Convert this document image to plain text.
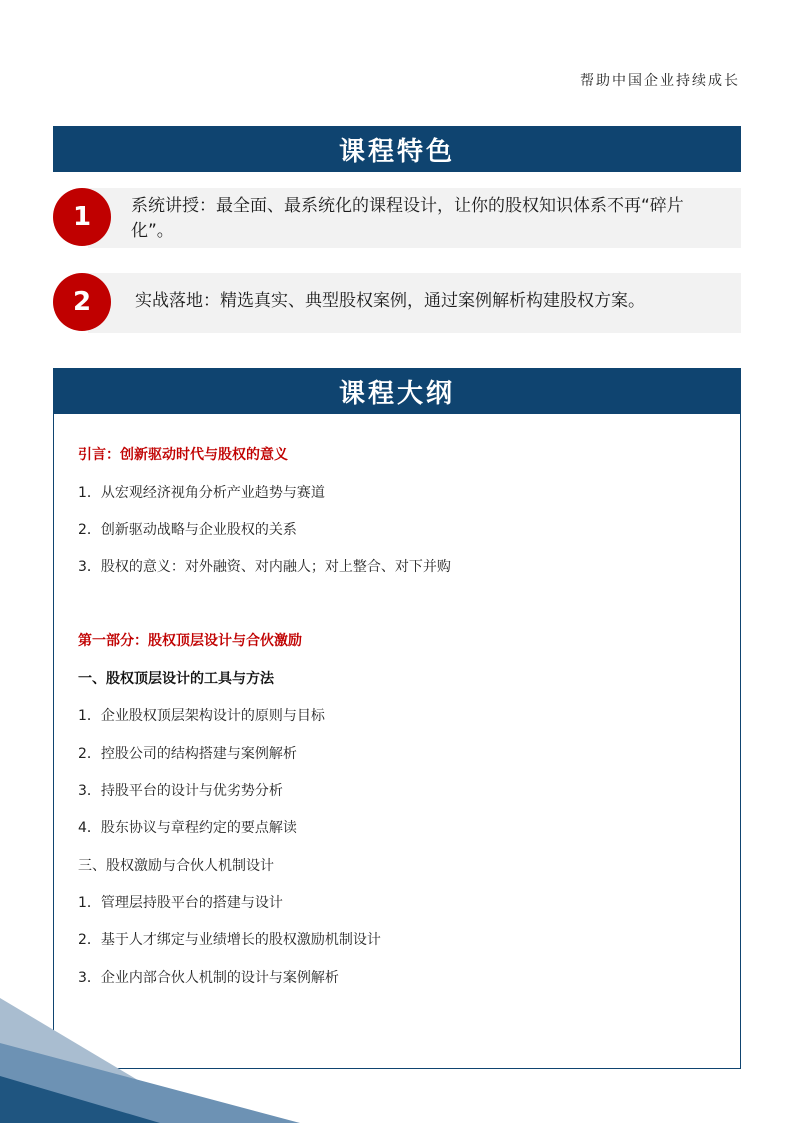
帮助中国企业持续成长
课程特色
1	系统讲授：最全面、最系统化的课程设计，让你的股权知识体系不再“碎片化”。
2	实战落地：精选真实、典型股权案例，通过案例解析构建股权方案。
课程大纲
引言：创新驱动时代与股权的意义
1．从宏观经济视角分析产业趋势与赛道
2．创新驱动战略与企业股权的关系
3．股权的意义：对外融资、对内融人；对上整合、对下并购
第一部分：股权顶层设计与合伙激励
一、股权顶层设计的工具与方法
1．企业股权顶层架构设计的原则与目标
2．控股公司的结构搭建与案例解析
3．持股平台的设计与优劣势分析
4．股东协议与章程约定的要点解读
三、股权激励与合伙人机制设计
1．管理层持股平台的搭建与设计
2．基于人才绑定与业绩增长的股权激励机制设计
3．企业内部合伙人机制的设计与案例解析
